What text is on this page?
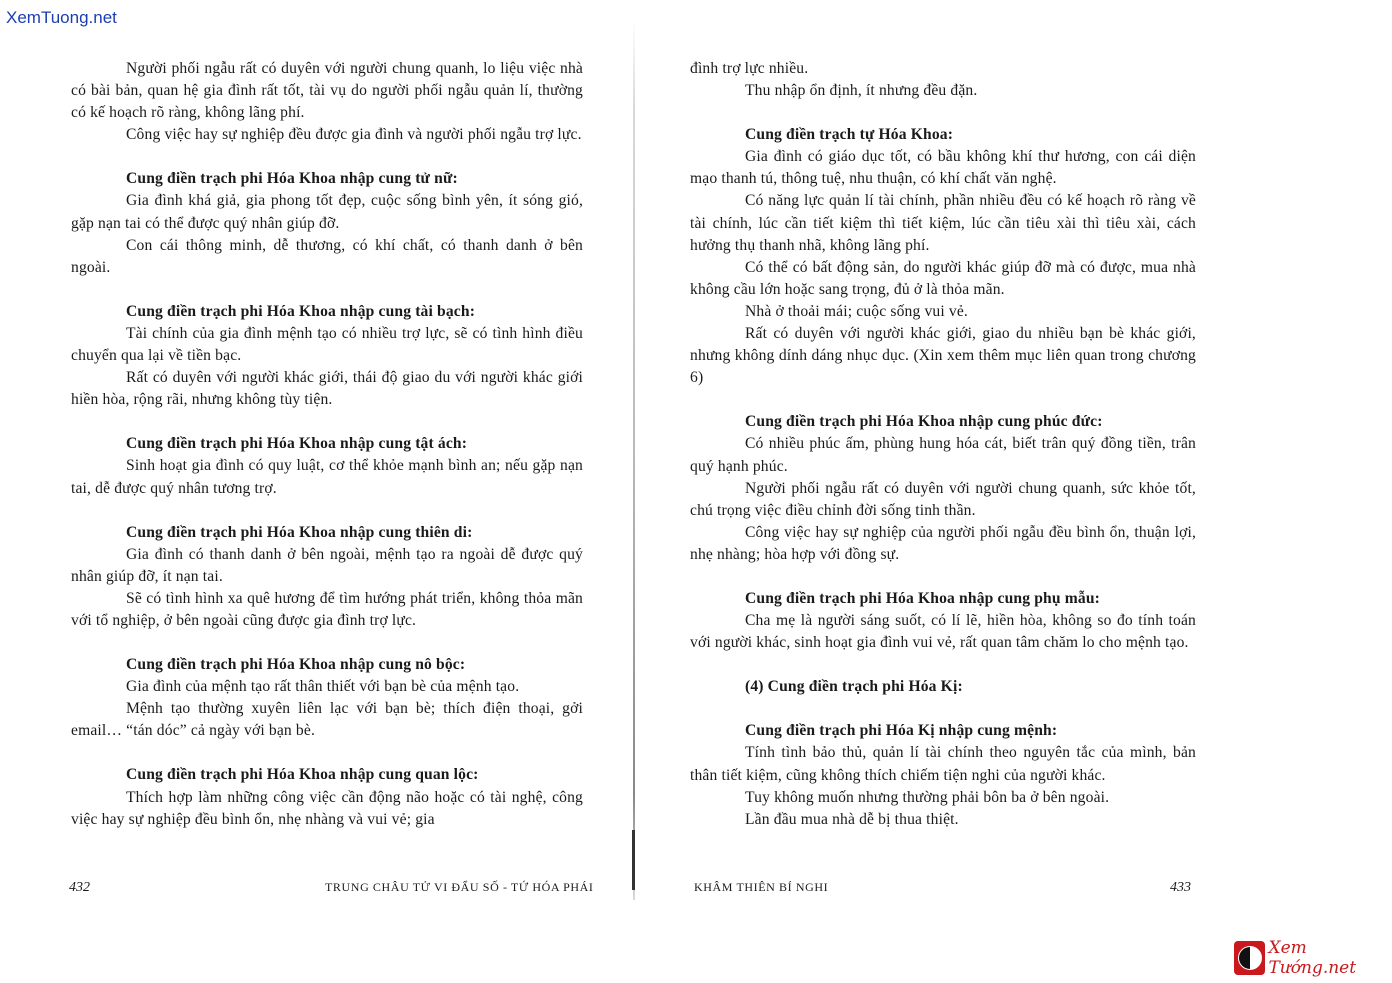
XemTuong.net
Người phối ngẫu rất có duyên với người chung quanh, lo liệu việc nhà có bài bản, quan hệ gia đình rất tốt, tài vụ do người phối ngẫu quản lí, thường có kế hoạch rõ ràng, không lãng phí.
Công việc hay sự nghiệp đều được gia đình và người phối ngẫu trợ lực.
Cung điền trạch phi Hóa Khoa nhập cung tử nữ:
Gia đình khá giả, gia phong tốt đẹp, cuộc sống bình yên, ít sóng gió, gặp nạn tai có thể được quý nhân giúp đỡ.
Con cái thông minh, dễ thương, có khí chất, có thanh danh ở bên ngoài.
Cung điền trạch phi Hóa Khoa nhập cung tài bạch:
Tài chính của gia đình mệnh tạo có nhiều trợ lực, sẽ có tình hình điều chuyển qua lại về tiền bạc.
Rất có duyên với người khác giới, thái độ giao du với người khác giới hiền hòa, rộng rãi, nhưng không tùy tiện.
Cung điền trạch phi Hóa Khoa nhập cung tật ách:
Sinh hoạt gia đình có quy luật, cơ thể khỏe mạnh bình an; nếu gặp nạn tai, dễ được quý nhân tương trợ.
Cung điền trạch phi Hóa Khoa nhập cung thiên di:
Gia đình có thanh danh ở bên ngoài, mệnh tạo ra ngoài dễ được quý nhân giúp đỡ, ít nạn tai.
Sẽ có tình hình xa quê hương để tìm hướng phát triển, không thỏa mãn với tổ nghiệp, ở bên ngoài cũng được gia đình trợ lực.
Cung điền trạch phi Hóa Khoa nhập cung nô bộc:
Gia đình của mệnh tạo rất thân thiết với bạn bè của mệnh tạo.
Mệnh tạo thường xuyên liên lạc với bạn bè; thích điện thoại, gởi email… “tán dóc” cả ngày với bạn bè.
Cung điền trạch phi Hóa Khoa nhập cung quan lộc:
Thích hợp làm những công việc cần động não hoặc có tài nghệ, công việc hay sự nghiệp đều bình ổn, nhẹ nhàng và vui vẻ; gia
đình trợ lực nhiều.
Thu nhập ổn định, ít nhưng đều đặn.
Cung điền trạch tự Hóa Khoa:
Gia đình có giáo dục tốt, có bầu không khí thư hương, con cái diện mạo thanh tú, thông tuệ, nhu thuận, có khí chất văn nghệ.
Có năng lực quản lí tài chính, phần nhiều đều có kế hoạch rõ ràng về tài chính, lúc cần tiết kiệm thì tiết kiệm, lúc cần tiêu xài thì tiêu xài, cách hưởng thụ thanh nhã, không lãng phí.
Có thể có bất động sản, do người khác giúp đỡ mà có được, mua nhà không cầu lớn hoặc sang trọng, đủ ở là thỏa mãn.
Nhà ở thoải mái; cuộc sống vui vẻ.
Rất có duyên với người khác giới, giao du nhiều bạn bè khác giới, nhưng không dính dáng nhục dục. (Xin xem thêm mục liên quan trong chương 6)
Cung điền trạch phi Hóa Khoa nhập cung phúc đức:
Có nhiều phúc ấm, phùng hung hóa cát, biết trân quý đồng tiền, trân quý hạnh phúc.
Người phối ngẫu rất có duyên với người chung quanh, sức khỏe tốt, chú trọng việc điều chỉnh đời sống tinh thần.
Công việc hay sự nghiệp của người phối ngẫu đều bình ổn, thuận lợi, nhẹ nhàng; hòa hợp với đồng sự.
Cung điền trạch phi Hóa Khoa nhập cung phụ mẫu:
Cha mẹ là người sáng suốt, có lí lẽ, hiền hòa, không so đo tính toán với người khác, sinh hoạt gia đình vui vẻ, rất quan tâm chăm lo cho mệnh tạo.
(4) Cung điền trạch phi Hóa Kị:
Cung điền trạch phi Hóa Kị nhập cung mệnh:
Tính tình bảo thủ, quản lí tài chính theo nguyên tắc của mình, bản thân tiết kiệm, cũng không thích chiếm tiện nghi của người khác.
Tuy không muốn nhưng thường phải bôn ba ở bên ngoài.
Lần đầu mua nhà dễ bị thua thiệt.
432	TRUNG CHÂU TỬ VI ĐẨU SỐ - TỨ HÓA PHÁI	KHÂM THIÊN BÍ NGHI	433
Xem Tướng.net
